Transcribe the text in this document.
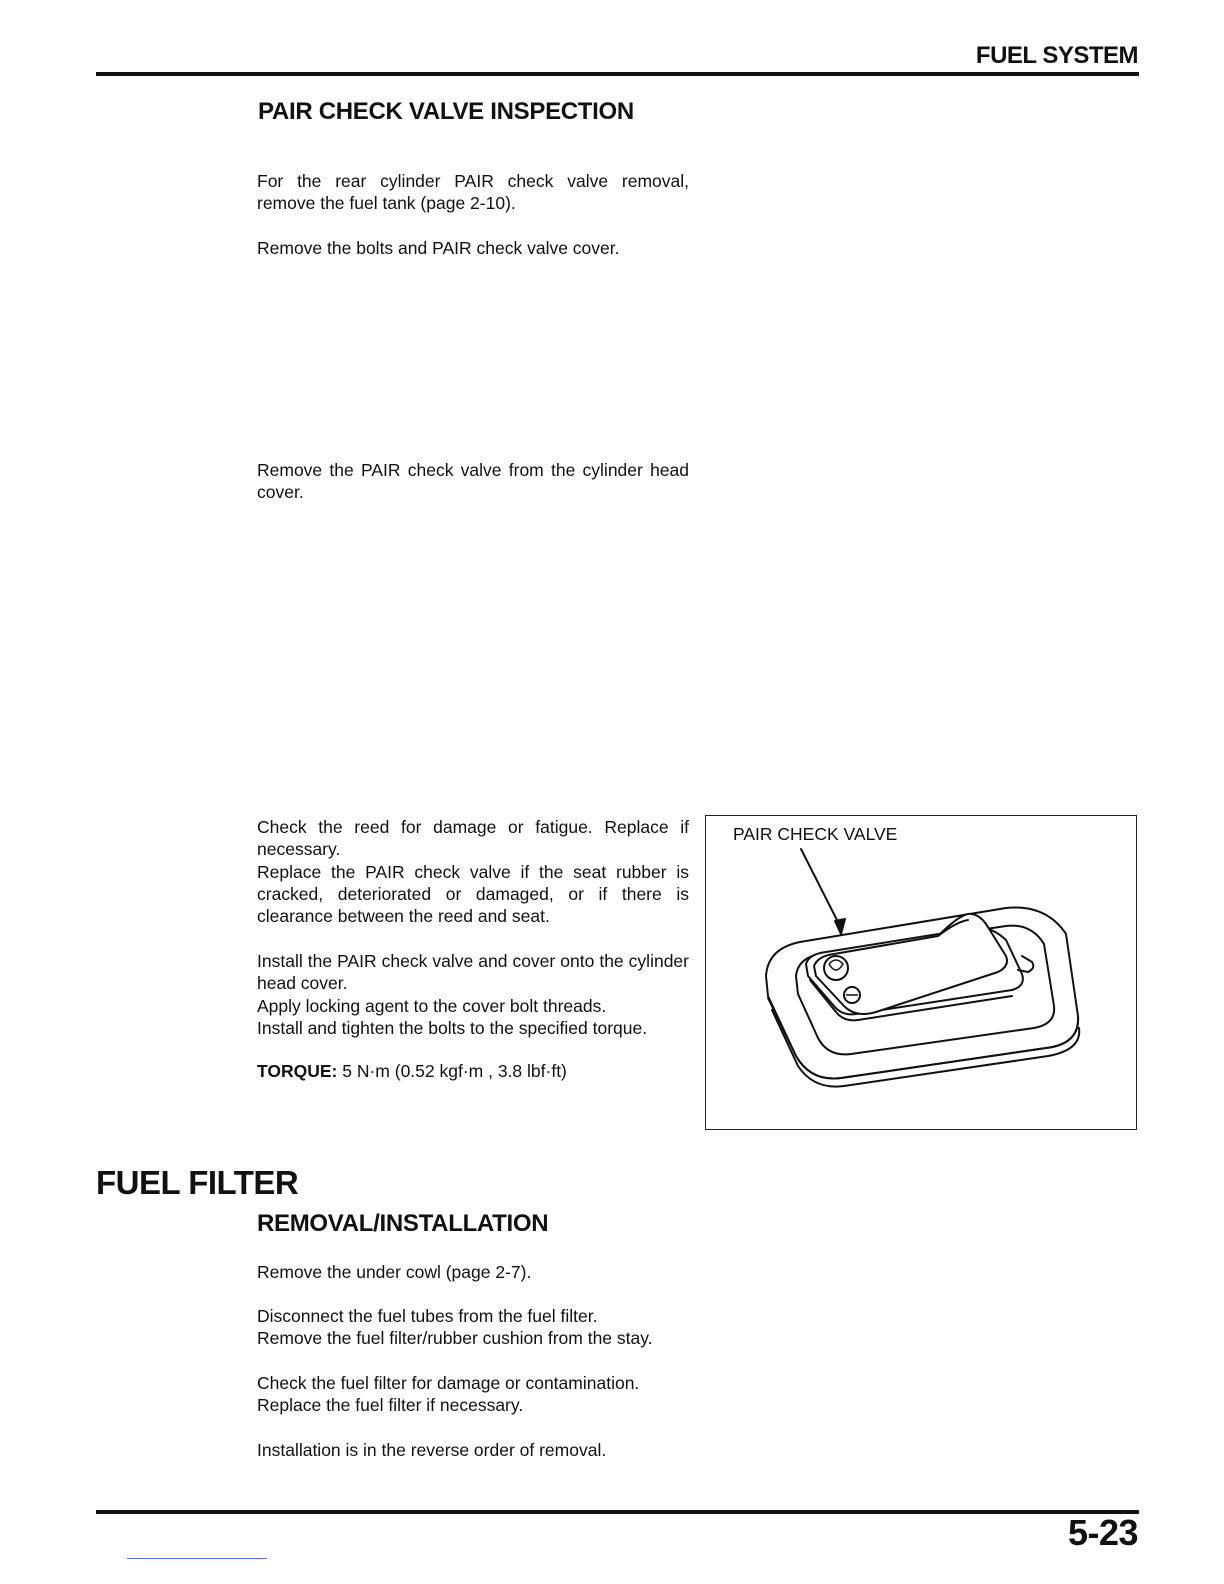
FUEL SYSTEM
PAIR CHECK VALVE INSPECTION

For the rear cylinder PAIR check valve removal, remove the fuel tank (page 2-10).

Remove the bolts and PAIR check valve cover.

Remove the PAIR check valve from the cylinder head cover.

Check the reed for damage or fatigue. Replace if necessary.

Replace the PAIR check valve if the seat rubber is cracked, deteriorated or damaged, or if there is clearance between the reed and seat.

Install the PAIR check valve and cover onto the cylinder head cover.

Apply locking agent to the cover bolt threads.

Install and tighten the bolts to the specified torque.

TORQUE: 5 N·m (0.52 kgf·m , 3.8 lbf·ft)
PAIR CHECK VALVE
FUEL FILTER
REMOVAL/INSTALLATION

Remove the under cowl (page 2-7).

Disconnect the fuel tubes from the fuel filter.

Remove the fuel filter/rubber cushion from the stay.

Check the fuel filter for damage or contamination.

Replace the fuel filter if necessary.

Installation is in the reverse order of removal.

5-23
